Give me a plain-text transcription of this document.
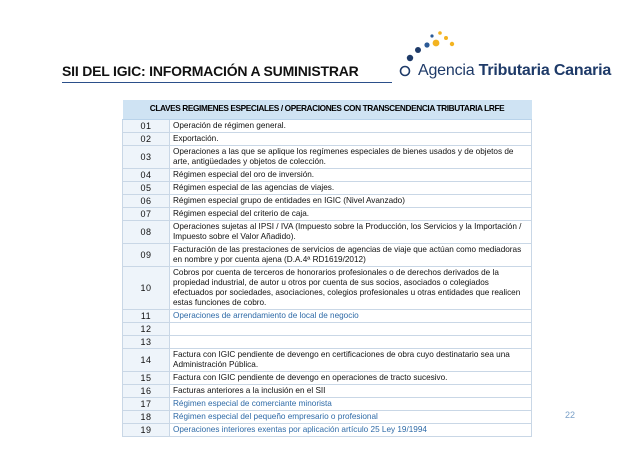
SII DEL IGIC: INFORMACIÓN A SUMINISTRAR	Agencia Tributaria Canaria
CLAVES REGIMENES ESPECIALES / OPERACIONES CON TRANSCENDENCIA TRIBUTARIA LRFE	
01	Operación de régimen general.
02	Exportación.
03	Operaciones a las que se aplique los regímenes especiales de bienes usados y de objetos de arte, antigüedades y objetos de colección.
04	Régimen especial del oro de inversión.
05	Régimen especial de las agencias de viajes.
06	Régimen especial grupo de entidades en IGIC (Nivel Avanzado)
07	Régimen especial del criterio de caja.
08	Operaciones sujetas al IPSI / IVA (Impuesto sobre la Producción, los Servicios y la Importación / Impuesto sobre el Valor Añadido).
09	Facturación de las prestaciones de servicios de agencias de viaje que actúan como mediadoras en nombre y por cuenta ajena (D.A.4ª RD1619/2012)
10	Cobros por cuenta de terceros de honorarios profesionales o de derechos derivados de la propiedad industrial, de autor u otros por cuenta de sus socios, asociados o colegiados efectuados por sociedades, asociaciones, colegios profesionales u otras entidades que realicen estas funciones de cobro.
11	Operaciones de arrendamiento de local de negocio
12	
13	
14	Factura con IGIC pendiente de devengo en certificaciones de obra cuyo destinatario sea una Administración Pública.
15	Factura con IGIC pendiente de devengo en operaciones de tracto sucesivo.
16	Facturas anteriores a la inclusión en el SII
17	Régimen especial de comerciante minorista
18	Régimen especial del pequeño empresario o profesional
19	Operaciones interiores exentas por aplicación artículo 25 Ley 19/1994
22
